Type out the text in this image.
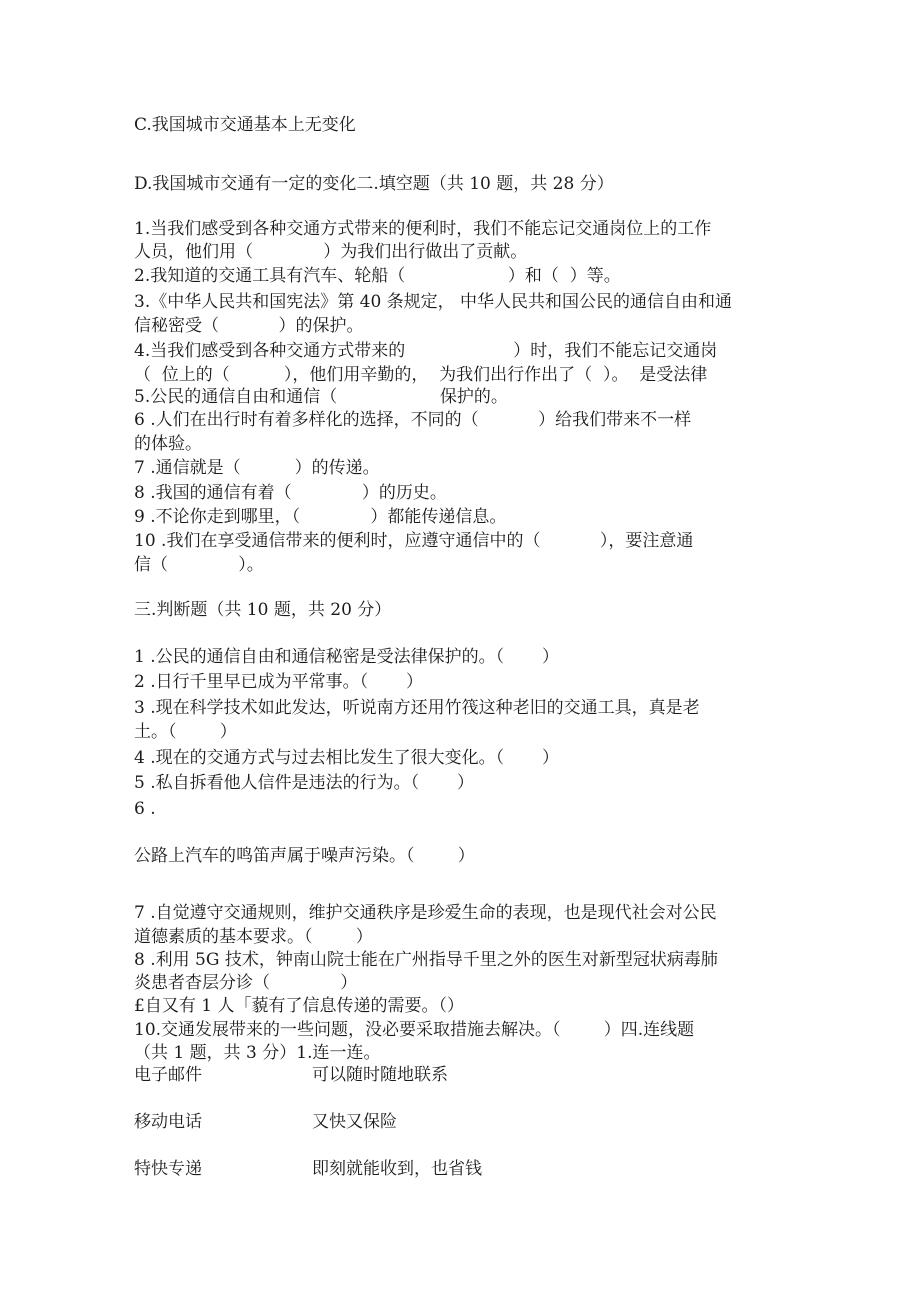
C.我国城市交通基本上无变化
D.我国城市交通有一定的变化二.填空题（共 10 题，共 28 分）
1.当我们感受到各种交通方式带来的便利时，我们不能忘记交通岗位上的工作
人员，他们用（             ）为我们出行做出了贡献。
2.我知道的交通工具有汽车、轮船（                   ）和（  ）等。
3.《中华人民共和国宪法》第 40 条规定， 中华人民共和国公民的通信自由和通
信秘密受（           ）的保护。
4.当我们感受到各种交通方式带来的                    ）时，我们不能忘记交通岗
（  位上的（          ），他们用辛勤的，  为我们出行作出了（  ）。  是受法律
5.公民的通信自由和通信（                   保护的。
6 .人们在出行时有着多样化的选择，不同的（           ）给我们带来不一样
的体验。
7 .通信就是（          ）的传递。
8 .我国的通信有着（             ）的历史。
9 .不论你走到哪里，（             ）都能传递信息。
10 .我们在享受通信带来的便利时，应遵守通信中的（           ），要注意通
信（             ）。
三.判断题（共 10 题，共 20 分）
1 .公民的通信自由和通信秘密是受法律保护的。（       ）
2 .日行千里早已成为平常事。（       ）
3 .现在科学技术如此发达，听说南方还用竹筏这种老旧的交通工具，真是老
土。（        ）
4 .现在的交通方式与过去相比发生了很大变化。（       ）
5 .私自拆看他人信件是违法的行为。（       ）
6 .
公路上汽车的鸣笛声属于噪声污染。（        ）
7 .自觉遵守交通规则，维护交通秩序是珍爱生命的表现，也是现代社会对公民
道德素质的基本要求。（        ）
8 .利用 5G 技术，钟南山院士能在广州指导千里之外的医生对新型冠状病毒肺
炎患者杳层分诊（             ）
£自又有 1 人「藐有了信息传递的需要。（）
10.交通发展带来的一些问题，没必要采取措施去解决。（        ）四.连线题
（共 1 题，共 3 分）1.连一连。
电子邮件	可以随时随地联系
移动电话	又快又保险
特快专递	即刻就能收到，也省钱
